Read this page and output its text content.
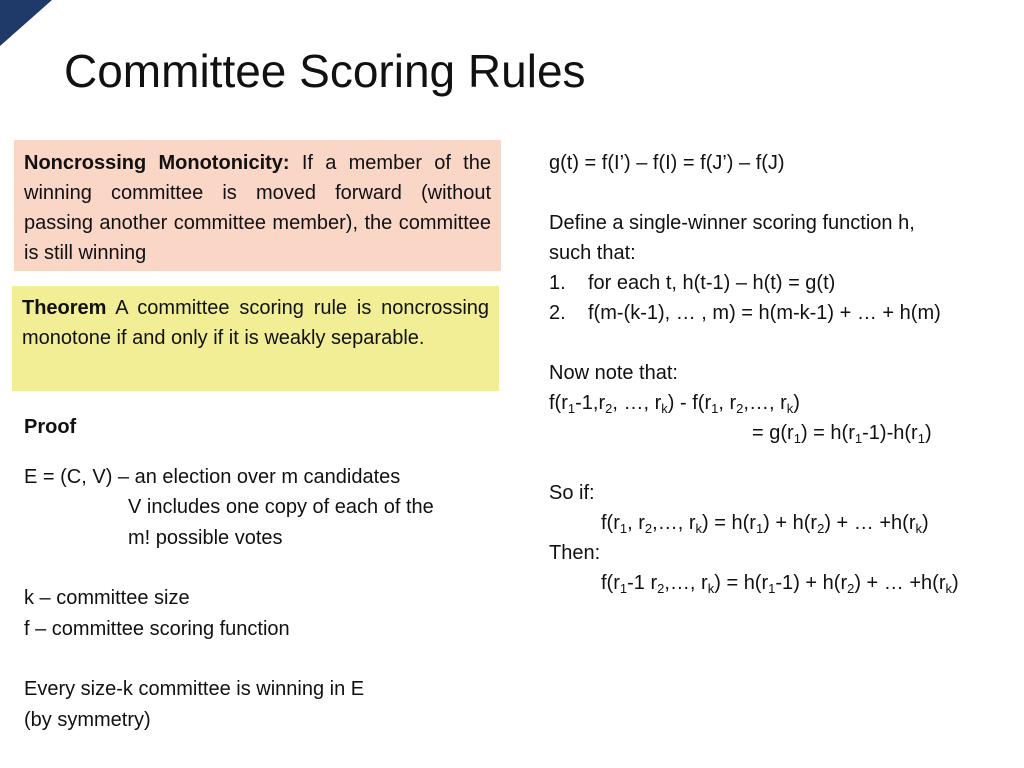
Committee Scoring Rules
Noncrossing Monotonicity: If a member of the winning committee is moved forward (without passing another committee member), the committee is still winning
Theorem A committee scoring rule is noncrossing monotone if and only if it is weakly separable.
Proof
E = (C, V) – an election over m candidates
V includes one copy of each of the
m! possible votes
k – committee size
f – committee scoring function
Every size-k committee is winning in E
(by symmetry)
g(t) = f(I’) – f(I) = f(J’) – f(J)
Define a single-winner scoring function h,
such that:
1. for each t, h(t-1) – h(t) = g(t)
2. f(m-(k-1), … , m) = h(m-k-1) + … + h(m)
Now note that:
$f(r_1-1,r_2$, …, $r_k) - f(r_1$, $r_2,\dots$, $r_k$)
= $g(r_1) = h(r_1-1)-h(r_1)$
So if:
$f(r_1$, $r_2,\dots$, $r_k) = h(r_1) + h(r_2)$ + … $+h(r_k)$
Then:
$f(r_1-1$ $r_2,\dots$, $r_k) = h(r_1-1) + h(r_2)$ + … $+h(r_k)$
